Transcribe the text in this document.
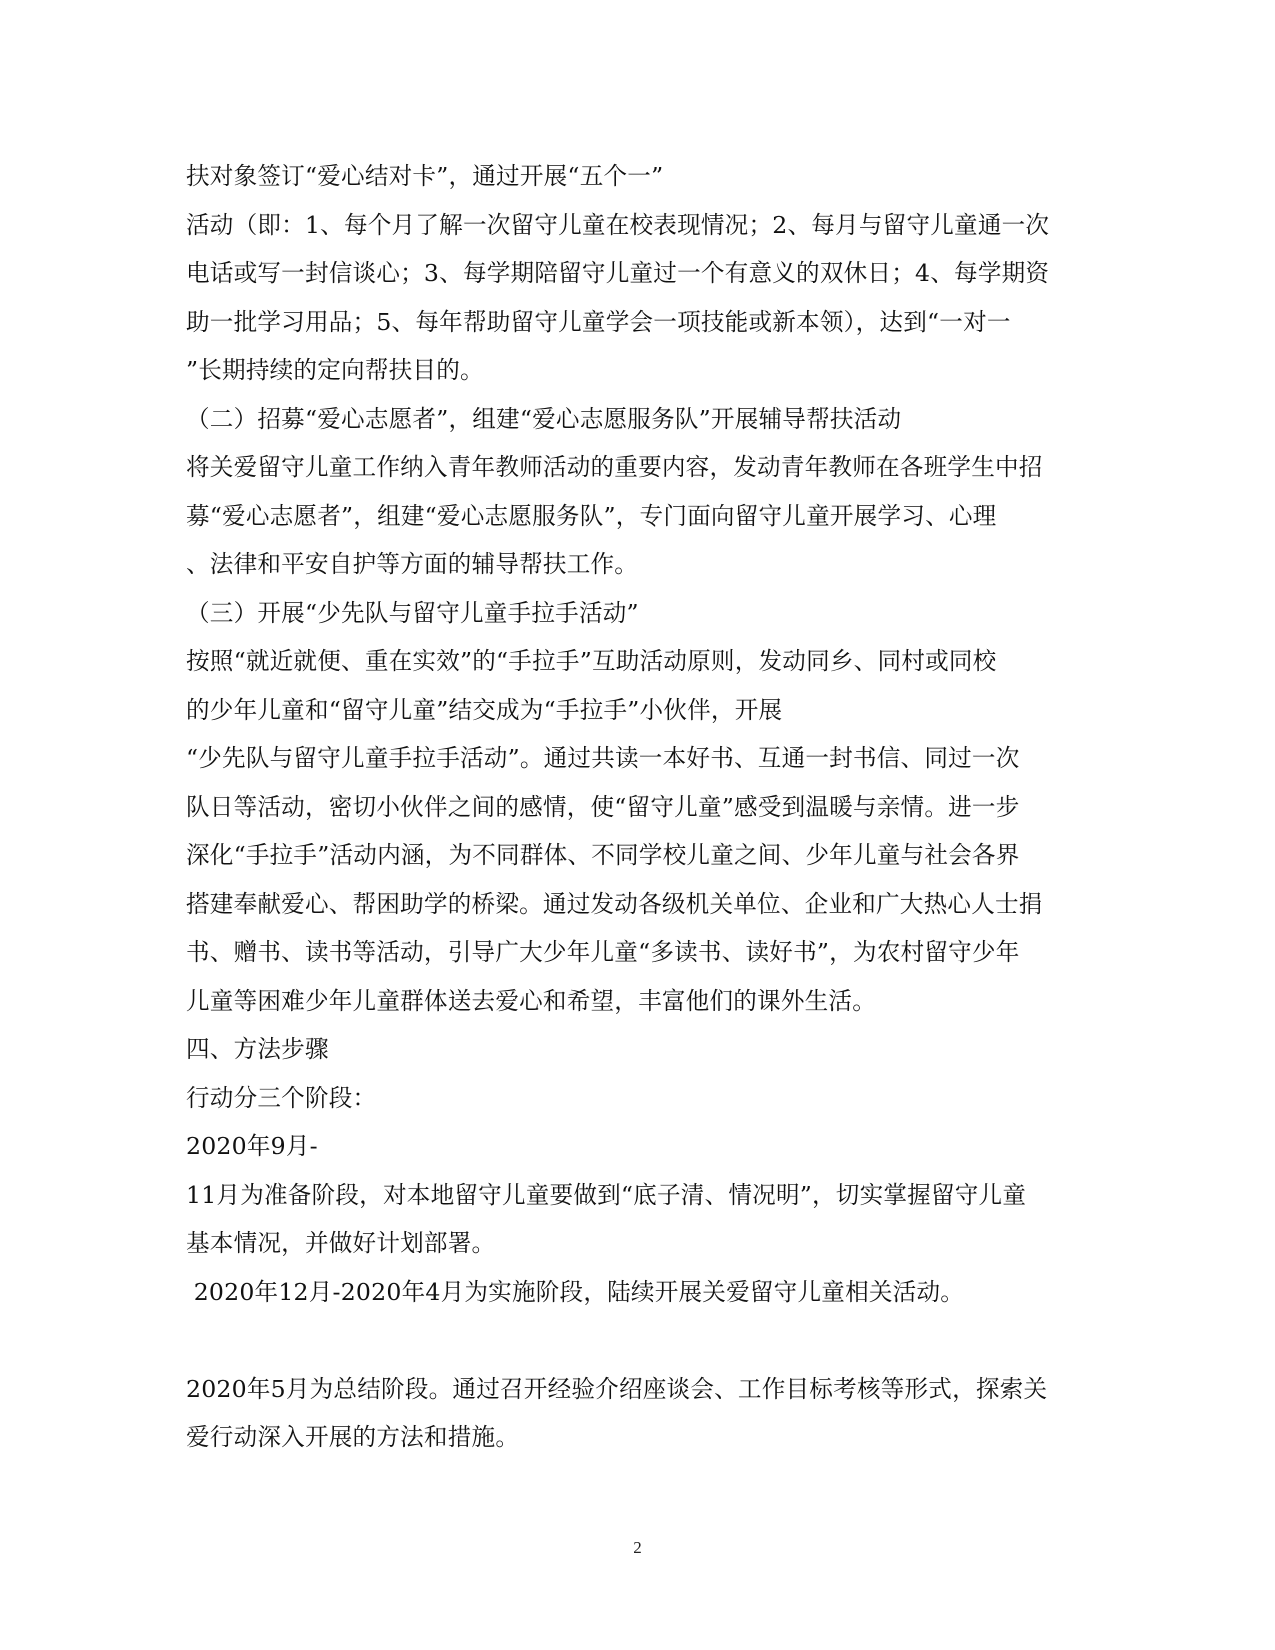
扶对象签订“爱心结对卡”，通过开展“五个一”
活动（即：1、每个月了解一次留守儿童在校表现情况；2、每月与留守儿童通一次
电话或写一封信谈心；3、每学期陪留守儿童过一个有意义的双休日；4、每学期资
助一批学习用品；5、每年帮助留守儿童学会一项技能或新本领），达到“一对一
”长期持续的定向帮扶目的。
（二）招募“爱心志愿者”，组建“爱心志愿服务队”开展辅导帮扶活动
将关爱留守儿童工作纳入青年教师活动的重要内容，发动青年教师在各班学生中招
募“爱心志愿者”，组建“爱心志愿服务队”，专门面向留守儿童开展学习、心理
、法律和平安自护等方面的辅导帮扶工作。
（三）开展“少先队与留守儿童手拉手活动”
按照“就近就便、重在实效”的“手拉手”互助活动原则，发动同乡、同村或同校
的少年儿童和“留守儿童”结交成为“手拉手”小伙伴，开展
“少先队与留守儿童手拉手活动”。通过共读一本好书、互通一封书信、同过一次
队日等活动，密切小伙伴之间的感情，使“留守儿童”感受到温暖与亲情。进一步
深化“手拉手”活动内涵，为不同群体、不同学校儿童之间、少年儿童与社会各界
搭建奉献爱心、帮困助学的桥梁。通过发动各级机关单位、企业和广大热心人士捐
书、赠书、读书等活动，引导广大少年儿童“多读书、读好书”，为农村留守少年
儿童等困难少年儿童群体送去爱心和希望，丰富他们的课外生活。
四、方法步骤
行动分三个阶段：
2020年9月-
11月为准备阶段，对本地留守儿童要做到“底子清、情况明”，切实掌握留守儿童
基本情况，并做好计划部署。
2020年12月-2020年4月为实施阶段，陆续开展关爱留守儿童相关活动。
2020年5月为总结阶段。通过召开经验介绍座谈会、工作目标考核等形式，探索关
爱行动深入开展的方法和措施。
2
